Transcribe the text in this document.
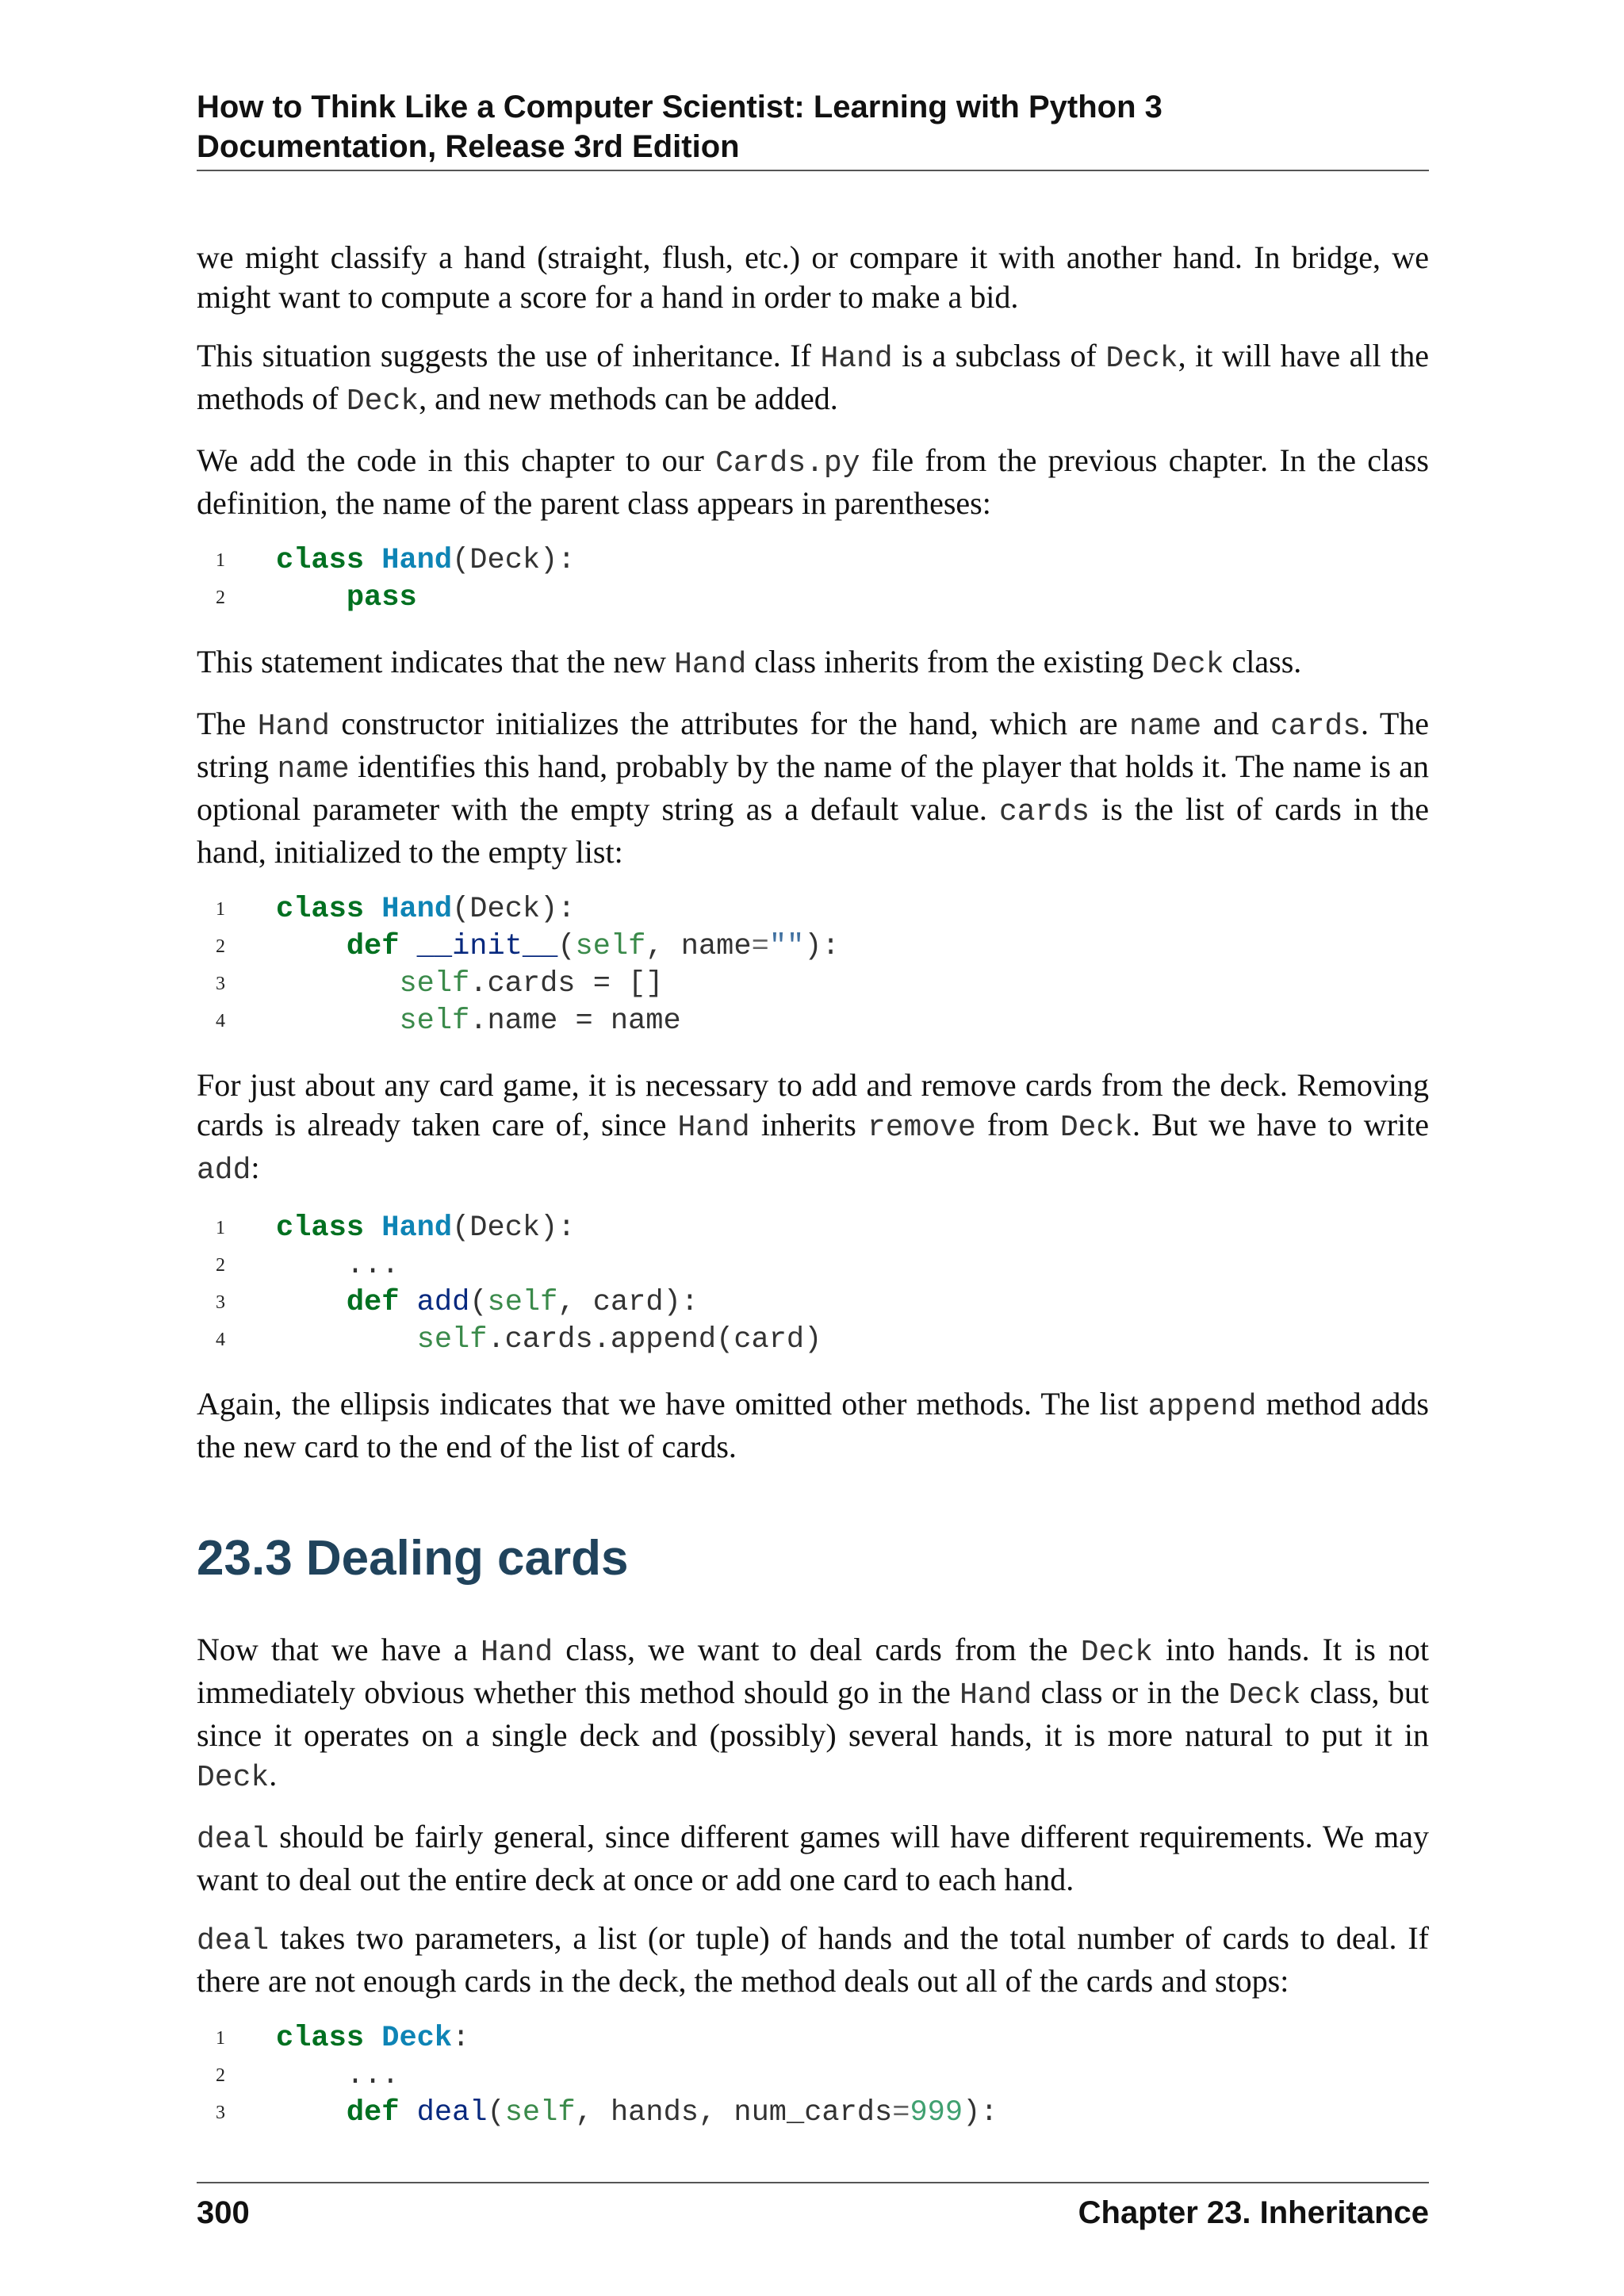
How to Think Like a Computer Scientist: Learning with Python 3
Documentation, Release 3rd Edition

we might classify a hand (straight, flush, etc.) or compare it with another hand. In bridge, we might want to compute a score for a hand in order to make a bid.

This situation suggests the use of inheritance. If Hand is a subclass of Deck, it will have all the methods of Deck, and new methods can be added.

We add the code in this chapter to our Cards.py file from the previous chapter. In the class definition, the name of the parent class appears in parentheses:

1	class Hand(Deck):
2	pass

This statement indicates that the new Hand class inherits from the existing Deck class.

The Hand constructor initializes the attributes for the hand, which are name and cards. The string name identifies this hand, probably by the name of the player that holds it. The name is an optional parameter with the empty string as a default value. cards is the list of cards in the hand, initialized to the empty list:

1	class Hand(Deck):
2	def __init__(self, name=""):
3	self.cards = []
4	self.name = name

For just about any card game, it is necessary to add and remove cards from the deck. Removing cards is already taken care of, since Hand inherits remove from Deck. But we have to write add:

1	class Hand(Deck):
2	...
3	def add(self, card):
4	self.cards.append(card)

Again, the ellipsis indicates that we have omitted other methods. The list append method adds the new card to the end of the list of cards.

23.3 Dealing cards

Now that we have a Hand class, we want to deal cards from the Deck into hands. It is not immediately obvious whether this method should go in the Hand class or in the Deck class, but since it operates on a single deck and (possibly) several hands, it is more natural to put it in Deck.

deal should be fairly general, since different games will have different requirements. We may want to deal out the entire deck at once or add one card to each hand.

deal takes two parameters, a list (or tuple) of hands and the total number of cards to deal. If there are not enough cards in the deck, the method deals out all of the cards and stops:

1	class Deck:
2	...
3	def deal(self, hands, num_cards=999):
300	Chapter 23. Inheritance
